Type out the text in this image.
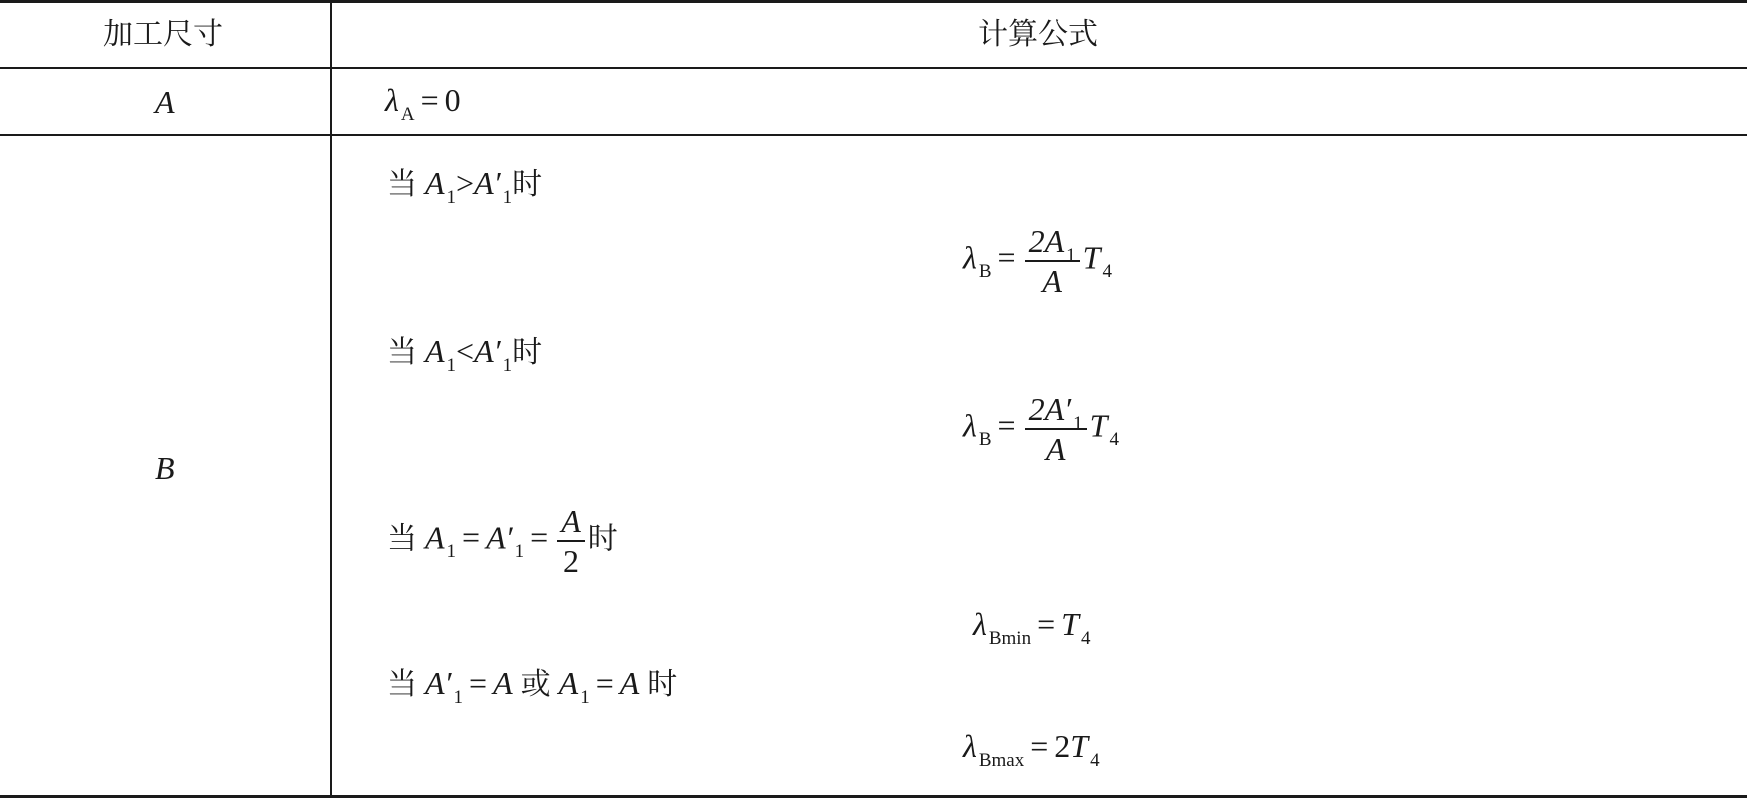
加工尺寸	计算公式
A	λ $_A$ = 0
B
当 A $_1$>A′ $_1$时
λ $_B = \frac{2A _1}{A}$ T $_4$
当 A $_1$<A′ $_1$时
λ $_B = \frac{2A' _1}{A}$ T $_4$
当 A $_1$ = A′ $_1 = \frac{A}{2}$ 时
λ $_{Bmin}$ = T $_4$
当 A′ $_1$ = A 或 A $_1$ = A 时
λ $_{Bmax}$ = 2T $_4$
